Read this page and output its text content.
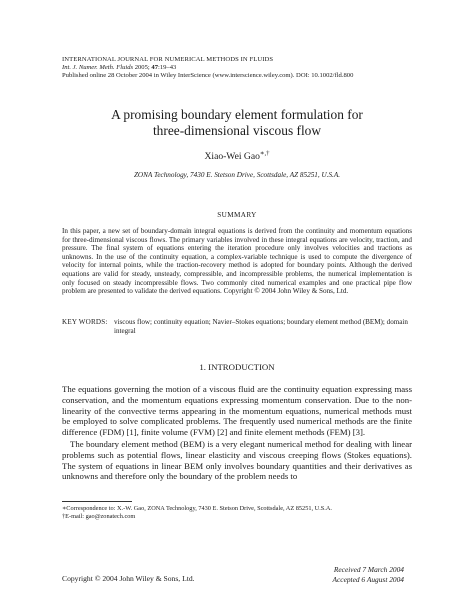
INTERNATIONAL JOURNAL FOR NUMERICAL METHODS IN FLUIDS
Int. J. Numer. Meth. Fluids 2005; 47:19–43
Published online 28 October 2004 in Wiley InterScience (www.interscience.wiley.com). DOI: 10.1002/fld.800
A promising boundary element formulation for
three-dimensional viscous flow
Xiao-Wei Gao∗,†
ZONA Technology, 7430 E. Stetson Drive, Scottsdale, AZ 85251, U.S.A.
SUMMARY
In this paper, a new set of boundary-domain integral equations is derived from the continuity and momentum equations for three-dimensional viscous flows. The primary variables involved in these integral equations are velocity, traction, and pressure. The final system of equations entering the iteration procedure only involves velocities and tractions as unknowns. In the use of the continuity equation, a complex-variable technique is used to compute the divergence of velocity for internal points, while the traction-recovery method is adopted for boundary points. Although the derived equations are valid for steady, unsteady, compressible, and incompressible problems, the numerical implementation is only focused on steady incompressible flows. Two commonly cited numerical examples and one practical pipe flow problem are presented to validate the derived equations. Copyright © 2004 John Wiley & Sons, Ltd.
KEY WORDS: viscous flow; continuity equation; Navier–Stokes equations; boundary element method (BEM); domain integral
1. INTRODUCTION
The equations governing the motion of a viscous fluid are the continuity equation expressing mass conservation, and the momentum equations expressing momentum conservation. Due to the non-linearity of the convective terms appearing in the momentum equations, numerical methods must be employed to solve complicated problems. The frequently used numerical methods are the finite difference (FDM) [1], finite volume (FVM) [2] and finite element methods (FEM) [3].
The boundary element method (BEM) is a very elegant numerical method for dealing with linear problems such as potential flows, linear elasticity and viscous creeping flows (Stokes equations). The system of equations in linear BEM only involves boundary quantities and their derivatives as unknowns and therefore only the boundary of the problem needs to
∗Correspondence to: X.-W. Gao, ZONA Technology, 7430 E. Stetson Drive, Scottsdale, AZ 85251, U.S.A.
†E-mail: gao@zonatech.com
Received 7 March 2004
Accepted 6 August 2004
Copyright © 2004 John Wiley & Sons, Ltd.
